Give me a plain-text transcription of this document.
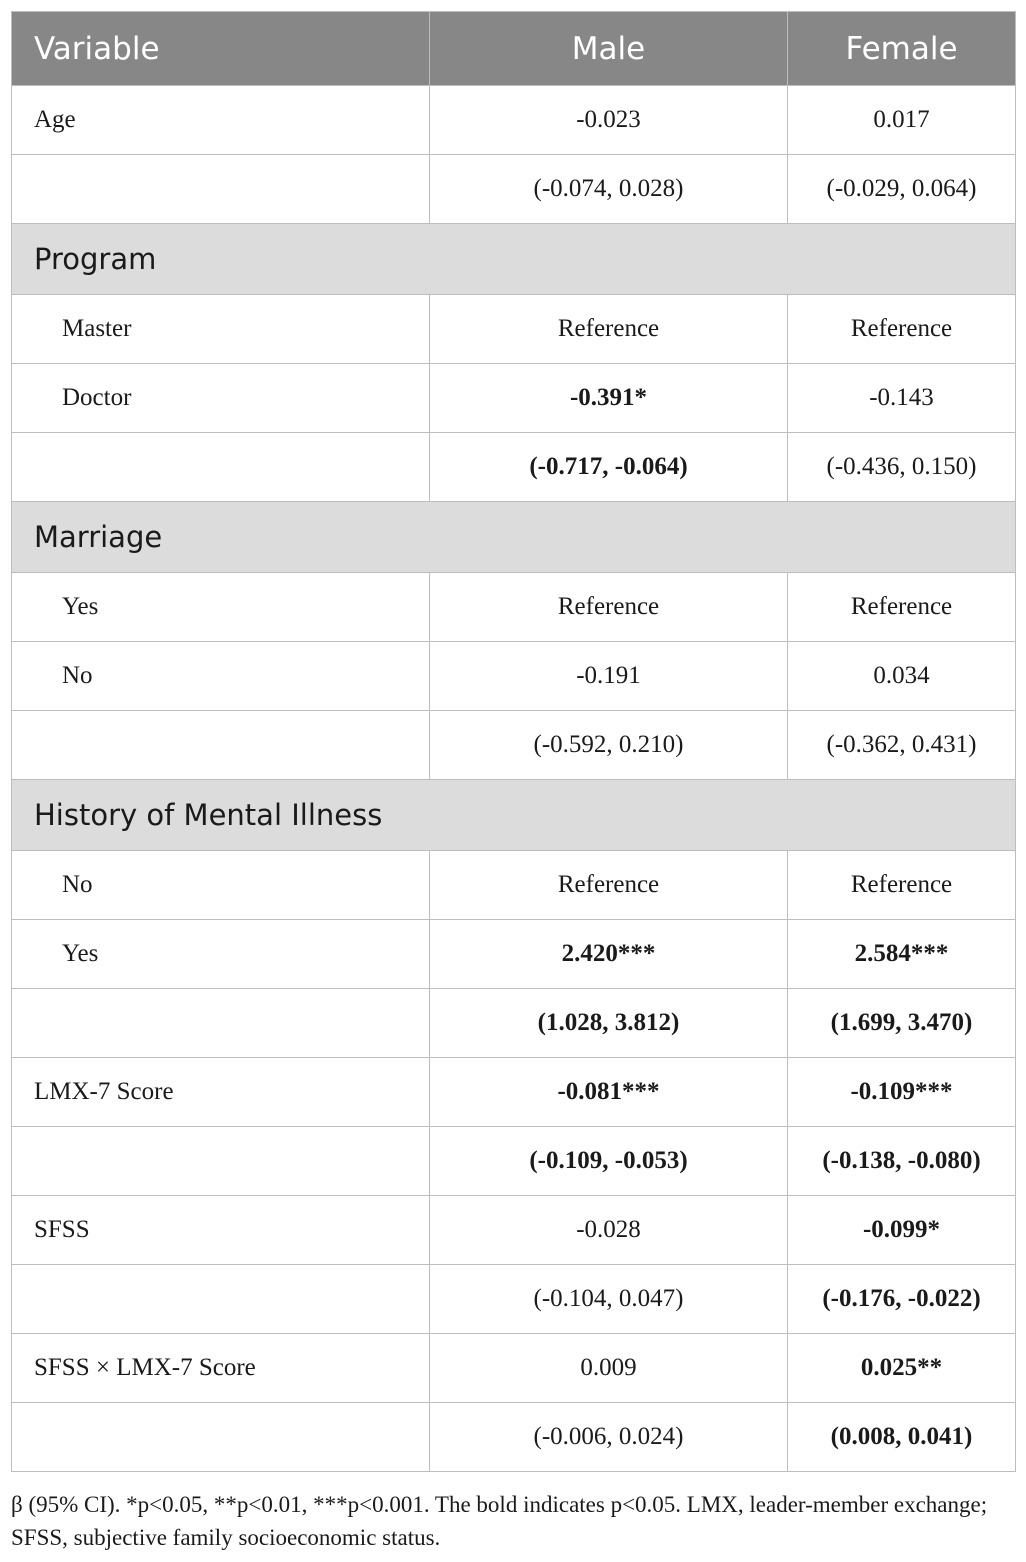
Variable	Male	Female
Age	-0.023	0.017
	(-0.074, 0.028)	(-0.029, 0.064)
Program		
Master	Reference	Reference
Doctor	-0.391*	-0.143
	(-0.717, -0.064)	(-0.436, 0.150)
Marriage		
Yes	Reference	Reference
No	-0.191	0.034
	(-0.592, 0.210)	(-0.362, 0.431)
History of Mental Illness		
No	Reference	Reference
Yes	2.420***	2.584***
	(1.028, 3.812)	(1.699, 3.470)
LMX-7 Score	-0.081***	-0.109***
	(-0.109, -0.053)	(-0.138, -0.080)
SFSS	-0.028	-0.099*
	(-0.104, 0.047)	(-0.176, -0.022)
SFSS × LMX-7 Score	0.009	0.025**
	(-0.006, 0.024)	(0.008, 0.041)
β (95% CI). *p<0.05, **p<0.01, ***p<0.001. The bold indicates p<0.05. LMX, leader-member exchange; SFSS, subjective family socioeconomic status.
